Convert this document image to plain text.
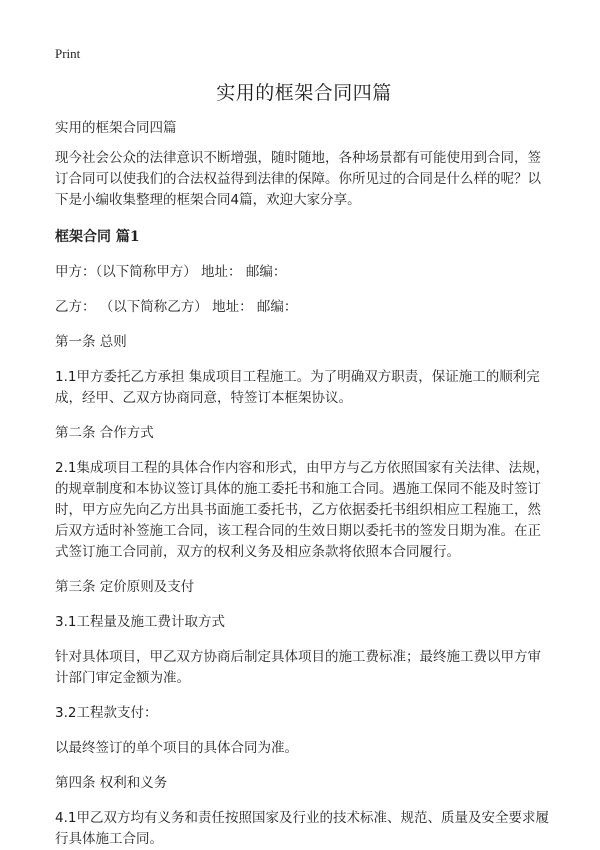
Print
实用的框架合同四篇

实用的框架合同四篇

现今社会公众的法律意识不断增强，随时随地，各种场景都有可能使用到合同，签订合同可以使我们的合法权益得到法律的保障。你所见过的合同是什么样的呢？以下是小编收集整理的框架合同4篇，欢迎大家分享。

框架合同 篇1

甲方：（以下简称甲方） 地址： 邮编：

乙方： （以下简称乙方） 地址： 邮编：

第一条 总则

1.1甲方委托乙方承担 集成项目工程施工。为了明确双方职责，保证施工的顺利完成，经甲、乙双方协商同意，特签订本框架协议。

第二条 合作方式

2.1集成项目工程的具体合作内容和形式，由甲方与乙方依照国家有关法律、法规，的规章制度和本协议签订具体的施工委托书和施工合同。遇施工保同不能及时签订时，甲方应先向乙方出具书面施工委托书，乙方依据委托书组织相应工程施工，然后双方适时补签施工合同，该工程合同的生效日期以委托书的签发日期为准。在正式签订施工合同前，双方的权利义务及相应条款将依照本合同履行。

第三条 定价原则及支付

3.1工程量及施工费计取方式

针对具体项目，甲乙双方协商后制定具体项目的施工费标准；最终施工费以甲方审计部门审定金额为准。

3.2工程款支付：

以最终签订的单个项目的具体合同为准。

第四条 权利和义务

4.1甲乙双方均有义务和责任按照国家及行业的技术标准、规范、质量及安全要求履行具体施工合同。
